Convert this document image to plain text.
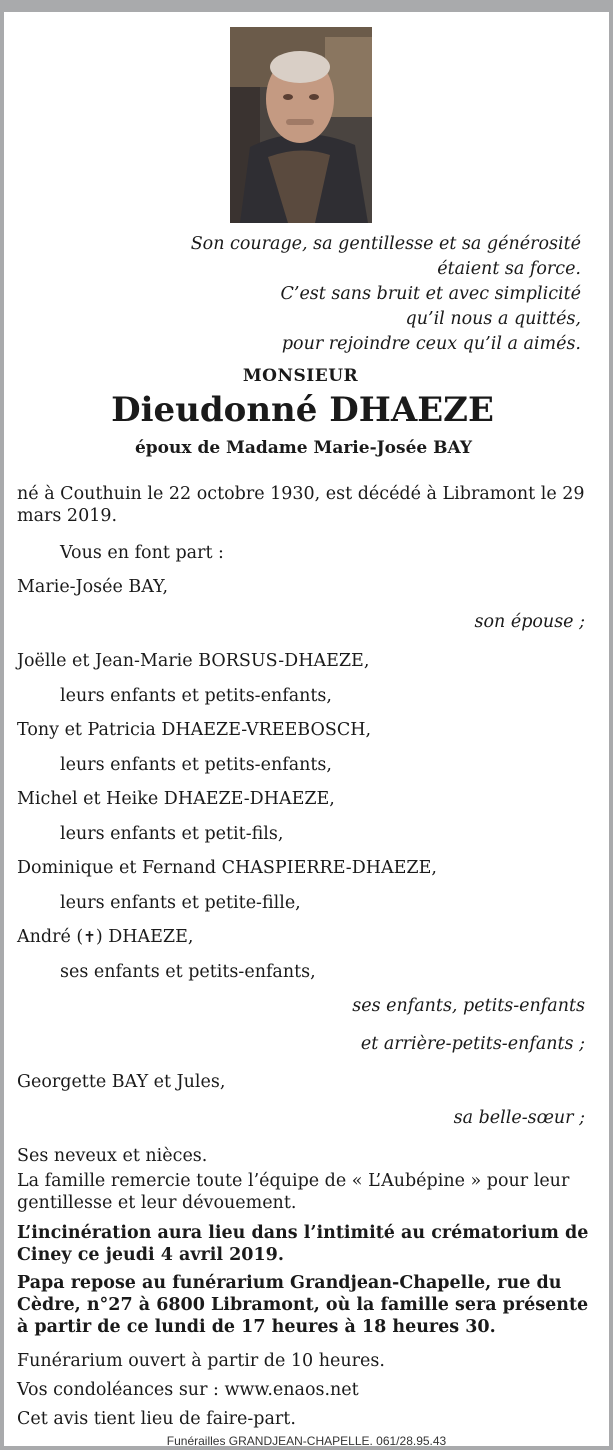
Son courage, sa gentillesse et sa générosité
étaient sa force.
C’est sans bruit et avec simplicité
qu’il nous a quittés,
pour rejoindre ceux qu’il a aimés.
MONSIEUR
Dieudonné DHAEZE
époux de Madame Marie-Josée BAY
né à Couthuin le 22 octobre 1930, est décédé à Libramont le 29 mars 2019.
Vous en font part :
Marie-Josée BAY,
son épouse ;
Joëlle et Jean-Marie BORSUS-DHAEZE,
leurs enfants et petits-enfants,
Tony et Patricia DHAEZE-VREEBOSCH,
leurs enfants et petits-enfants,
Michel et Heike DHAEZE-DHAEZE,
leurs enfants et petit-fils,
Dominique et Fernand CHASPIERRE-DHAEZE,
leurs enfants et petite-fille,
André (✝) DHAEZE,
ses enfants et petits-enfants,
ses enfants, petits-enfants
et arrière-petits-enfants ;
Georgette BAY et Jules,
sa belle-sœur ;
Ses neveux et nièces.
La famille remercie toute l’équipe de « L’Aubépine » pour leur gentillesse et leur dévouement.
L’incinération aura lieu dans l’intimité au crématorium de Ciney ce jeudi 4 avril 2019.
Papa repose au funérarium Grandjean-Chapelle, rue du Cèdre, n°27 à 6800 Libramont, où la famille sera présente à partir de ce lundi de 17 heures à 18 heures 30.
Funérarium ouvert à partir de 10 heures.
Vos condoléances sur : www.enaos.net
Cet avis tient lieu de faire-part.
Funérailles GRANDJEAN-CHAPELLE. 061/28.95.43
